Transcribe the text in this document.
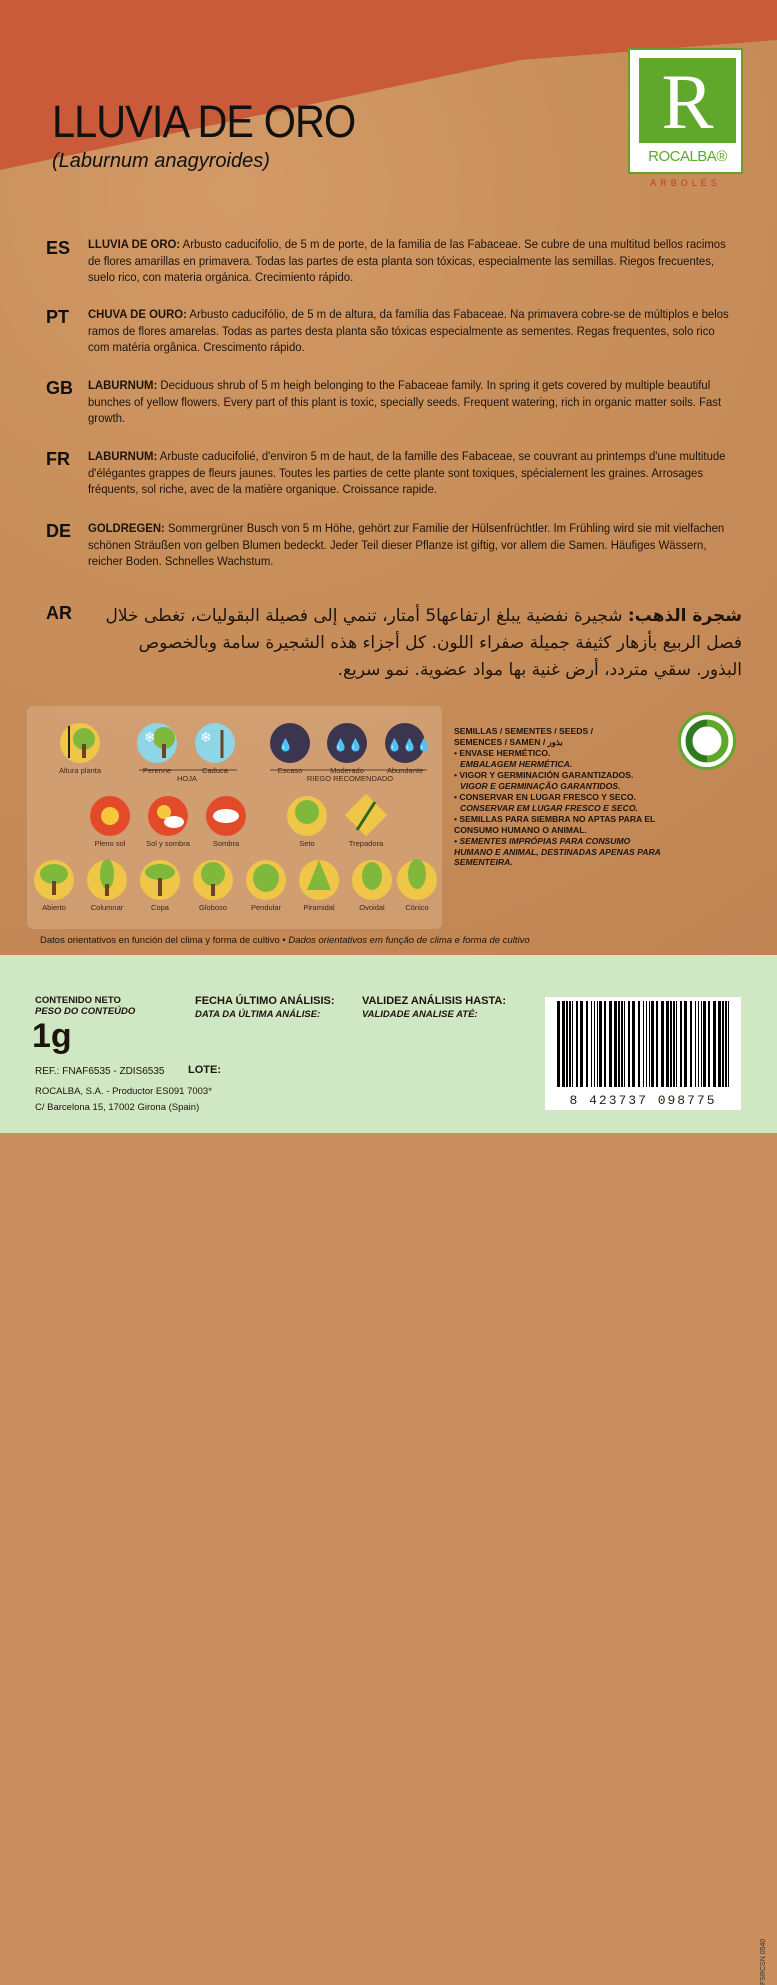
LLUVIA DE ORO
(Laburnum anagyroides)
R
ROCALBA®
ARBOLES
ES LLUVIA DE ORO: Arbusto caducifolio, de 5 m de porte, de la familia de las Fabaceae. Se cubre de una multitud bellos racimos de flores amarillas en primavera. Todas las partes de esta planta son tóxicas, especialmente las semillas. Riegos frecuentes, suelo rico, con materia orgánica. Crecimiento rápido.
PT CHUVA DE OURO: Arbusto caducifólio, de 5 m de altura, da família das Fabaceae. Na primavera cobre-se de múltiplos e belos ramos de flores amarelas. Todas as partes desta planta são tóxicas especialmente as sementes. Regas frequentes, solo rico com matéria orgânica. Crescimento rápido.
GB LABURNUM: Deciduous shrub of 5 m heigh belonging to the Fabaceae family. In spring it gets covered by multiple beautiful bunches of yellow flowers. Every part of this plant is toxic, specially seeds. Frequent watering, rich in organic matter soils. Fast growth.
FR LABURNUM: Arbuste caducifolié, d'environ 5 m de haut, de la famille des Fabaceae, se couvrant au printemps d'une multitude d'élégantes grappes de fleurs jaunes. Toutes les parties de cette plante sont toxiques, spécialement les graines. Arrosages fréquents, sol riche, avec de la matière organique. Croissance rapide.
DE GOLDREGEN: Sommergrüner Busch von 5 m Höhe, gehört zur Familie der Hülsenfrüchtler. Im Frühling wird sie mit vielfachen schönen Sträußen von gelben Blumen bedeckt. Jeder Teil dieser Pflanze ist giftig, vor allem die Samen. Häufiges Wässern, reicher Boden. Schnelles Wachstum.
AR	شجرة الذهب: شجيرة نفضية يبلغ ارتفاعها5 أمتار، تنمي إلى فصيلة البقوليات، تغطى خلال فصل الربيع بأزهار كثيفة جميلة صفراء اللون. كل أجزاء هذه الشجيرة سامة وبالخصوص البذور. سقي متردد، أرض غنية بها مواد عضوية. نمو سريع.
❄	❄	💧	💧💧 💧💧💧
Altura planta	Perenne	Caduca
HOJA
Escaso	Moderado	Abundante
RIEGO RECOMENDADO
Pleno sol	Sol y sombra	Sombra	Seto	Trepadora
Abierto	Columnar	Copa	Globoso	Pendular	Piramidal	Ovoidal	Cónico
SEMILLAS / SEMENTES / SEEDS /
SEMENCES / SAMEN / بذور
• ENVASE HERMÉTICO.
EMBALAGEM HERMÉTICA.
• VIGOR Y GERMINACIÓN GARANTIZADOS.
VIGOR E GERMINAÇÃO GARANTIDOS.
• CONSERVAR EN LUGAR FRESCO Y SECO.
CONSERVAR EM LUGAR FRESCO E SECO.
• SEMILLAS PARA SIEMBRA NO APTAS PARA EL CONSUMO HUMANO O ANIMAL.
• SEMENTES IMPRÓPIAS PARA CONSUMO HUMANO E ANIMAL, DESTINADAS APENAS PARA SEMENTEIRA.
Datos orientativos en función del clima y forma de cultivo • Dados orientativos em função de clima e forma de cultivo
CONTENIDO NETO
PESO DO CONTEÚDO
1g
FECHA ÚLTIMO ANÁLISIS:
DATA DA ÚLTIMA ANÁLISE:
VALIDEZ ANÁLISIS HASTA:
VALIDADE ANALISE ATÉ:
REF.: FNAF6535 - ZDIS6535 LOTE:
ROCALBA, S.A. - Productor ES091 7003*
C/ Barcelona 15, 17002 Girona (Spain)
FSRCSN 0540
8 423737 098775
